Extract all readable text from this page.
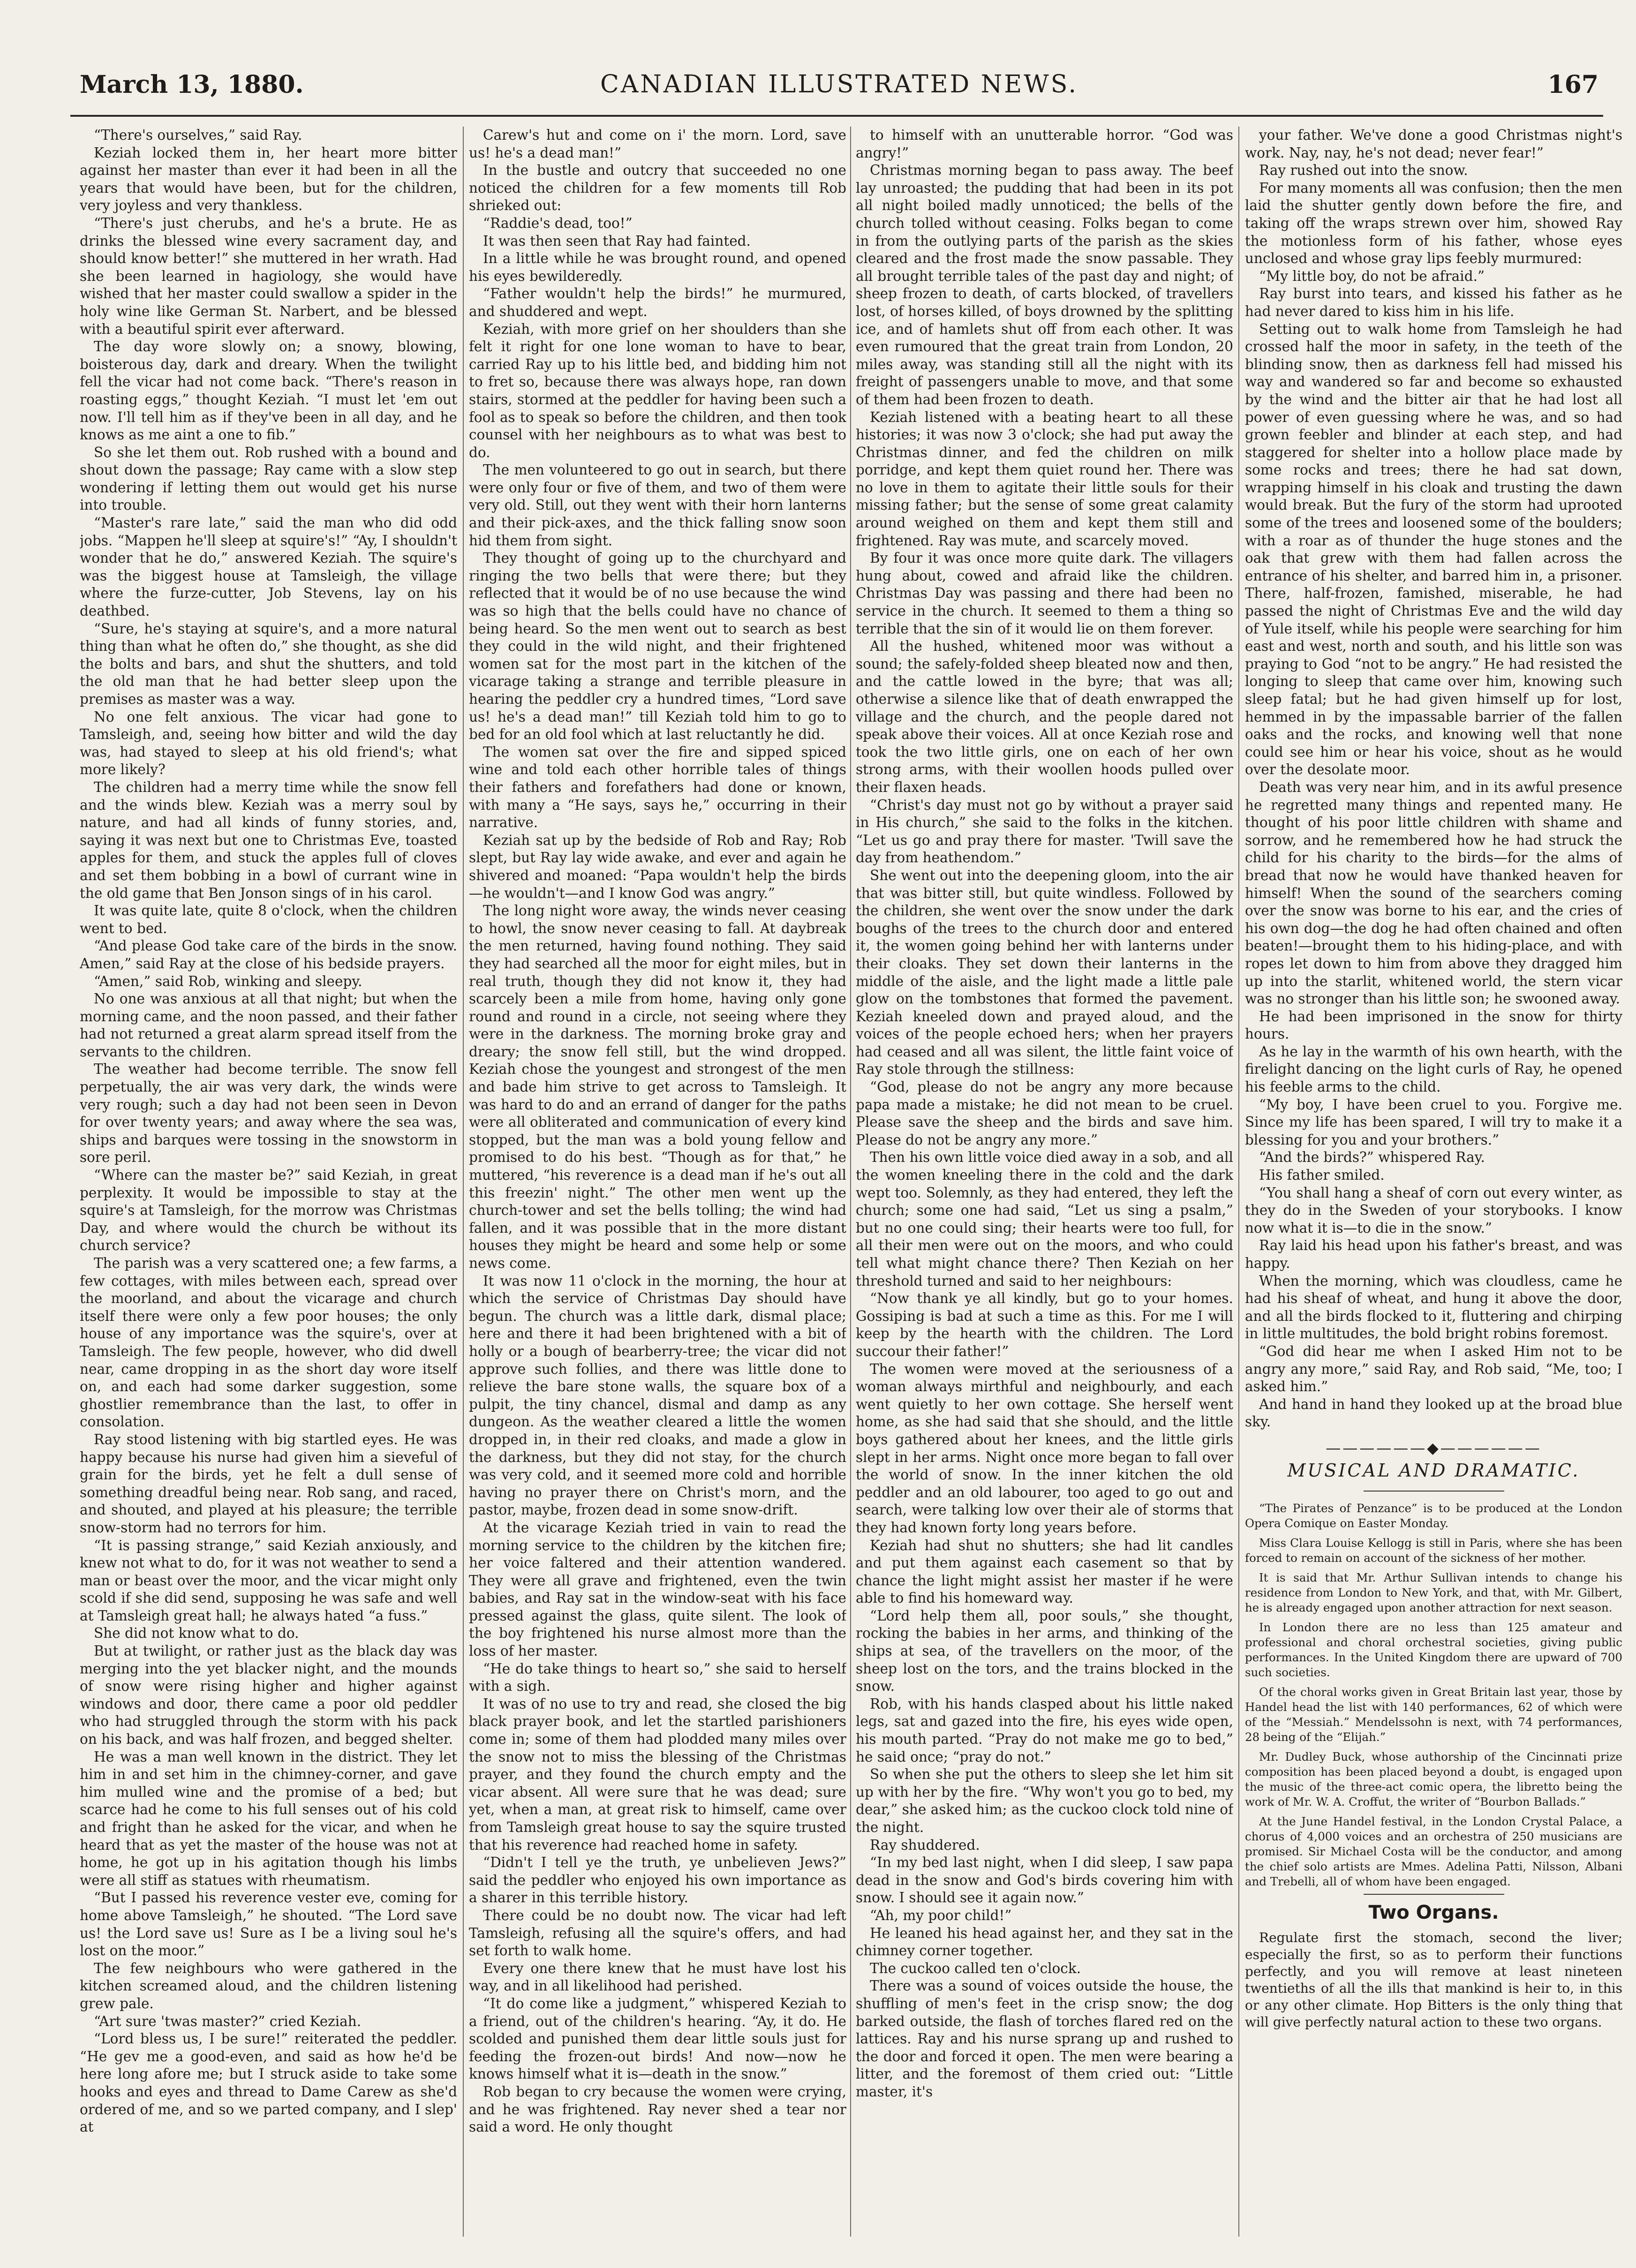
March 13, 1880.	CANADIAN ILLUSTRATED NEWS.	167

“There's ourselves,” said Ray.

Keziah locked them in, her heart more bitter against her master than ever it had been in all the years that would have been, but for the children, very joyless and very thankless.

“There's just cherubs, and he's a brute. He as drinks the blessed wine every sacrament day, and should know better!” she muttered in her wrath. Had she been learned in hagiology, she would have wished that her master could swallow a spider in the holy wine like German St. Narbert, and be blessed with a beautiful spirit ever afterward.

The day wore slowly on; a snowy, blowing, boisterous day, dark and dreary. When the twilight fell the vicar had not come back. “There's reason in roasting eggs,” thought Keziah. “I must let 'em out now. I'll tell him as if they've been in all day, and he knows as me aint a one to fib.”

So she let them out. Rob rushed with a bound and shout down the passage; Ray came with a slow step wondering if letting them out would get his nurse into trouble.

“Master's rare late,” said the man who did odd jobs. “Mappen he'll sleep at squire's!” “Ay, I shouldn't wonder that he do,” answered Keziah. The squire's was the biggest house at Tamsleigh, the village where the furze-cutter, Job Stevens, lay on his deathbed.

“Sure, he's staying at squire's, and a more natural thing than what he often do,” she thought, as she did the bolts and bars, and shut the shutters, and told the old man that he had better sleep upon the premises as master was a way.

No one felt anxious. The vicar had gone to Tamsleigh, and, seeing how bitter and wild the day was, had stayed to sleep at his old friend's; what more likely?

The children had a merry time while the snow fell and the winds blew. Keziah was a merry soul by nature, and had all kinds of funny stories, and, saying it was next but one to Christmas Eve, toasted apples for them, and stuck the apples full of cloves and set them bobbing in a bowl of currant wine in the old game that Ben Jonson sings of in his carol.

It was quite late, quite 8 o'clock, when the children went to bed.

“And please God take care of the birds in the snow. Amen,” said Ray at the close of his bedside prayers.

“Amen,” said Rob, winking and sleepy.

No one was anxious at all that night; but when the morning came, and the noon passed, and their father had not returned a great alarm spread itself from the servants to the children.

The weather had become terrible. The snow fell perpetually, the air was very dark, the winds were very rough; such a day had not been seen in Devon for over twenty years; and away where the sea was, ships and barques were tossing in the snowstorm in sore peril.

“Where can the master be?” said Keziah, in great perplexity. It would be impossible to stay at the squire's at Tamsleigh, for the morrow was Christmas Day, and where would the church be without its church service?

The parish was a very scattered one; a few farms, a few cottages, with miles between each, spread over the moorland, and about the vicarage and church itself there were only a few poor houses; the only house of any importance was the squire's, over at Tamsleigh. The few people, however, who did dwell near, came dropping in as the short day wore itself on, and each had some darker suggestion, some ghostlier remembrance than the last, to offer in consolation.

Ray stood listening with big startled eyes. He was happy because his nurse had given him a sieveful of grain for the birds, yet he felt a dull sense of something dreadful being near. Rob sang, and raced, and shouted, and played at his pleasure; the terrible snow-storm had no terrors for him.

“It is passing strange,” said Keziah anxiously, and knew not what to do, for it was not weather to send a man or beast over the moor, and the vicar might only scold if she did send, supposing he was safe and well at Tamsleigh great hall; he always hated “a fuss.”

She did not know what to do.

But at twilight, or rather just as the black day was merging into the yet blacker night, and the mounds of snow were rising higher and higher against windows and door, there came a poor old peddler who had struggled through the storm with his pack on his back, and was half frozen, and begged shelter.

He was a man well known in the district. They let him in and set him in the chimney-corner, and gave him mulled wine and the promise of a bed; but scarce had he come to his full senses out of his cold and fright than he asked for the vicar, and when he heard that as yet the master of the house was not at home, he got up in his agitation though his limbs were all stiff as statues with rheumatism.

“But I passed his reverence vester eve, coming for home above Tamsleigh,” he shouted. “The Lord save us! the Lord save us! Sure as I be a living soul he's lost on the moor.”

The few neighbours who were gathered in the kitchen screamed aloud, and the children listening grew pale.

“Art sure 'twas master?” cried Keziah.

“Lord bless us, I be sure!” reiterated the peddler. “He gev me a good-even, and said as how he'd be here long afore me; but I struck aside to take some hooks and eyes and thread to Dame Carew as she'd ordered of me, and so we parted company, and I slep' at

Carew's hut and come on i' the morn. Lord, save us! he's a dead man!”

In the bustle and outcry that succeeded no one noticed the children for a few moments till Rob shrieked out:

“Raddie's dead, too!”

It was then seen that Ray had fainted.

In a little while he was brought round, and opened his eyes bewilderedly.

“Father wouldn't help the birds!” he murmured, and shuddered and wept.

Keziah, with more grief on her shoulders than she felt it right for one lone woman to have to bear, carried Ray up to his little bed, and bidding him not to fret so, because there was always hope, ran down stairs, stormed at the peddler for having been such a fool as to speak so before the children, and then took counsel with her neighbours as to what was best to do.

The men volunteered to go out in search, but there were only four or five of them, and two of them were very old. Still, out they went with their horn lanterns and their pick-axes, and the thick falling snow soon hid them from sight.

They thought of going up to the churchyard and ringing the two bells that were there; but they reflected that it would be of no use because the wind was so high that the bells could have no chance of being heard. So the men went out to search as best they could in the wild night, and their frightened women sat for the most part in the kitchen of the vicarage taking a strange and terrible pleasure in hearing the peddler cry a hundred times, “Lord save us! he's a dead man!” till Keziah told him to go to bed for an old fool which at last reluctantly he did.

The women sat over the fire and sipped spiced wine and told each other horrible tales of things their fathers and forefathers had done or known, with many a “He says, says he,” occurring in their narrative.

Keziah sat up by the bedside of Rob and Ray; Rob slept, but Ray lay wide awake, and ever and again he shivered and moaned: “Papa wouldn't help the birds—he wouldn't—and I know God was angry.”

The long night wore away, the winds never ceasing to howl, the snow never ceasing to fall. At daybreak the men returned, having found nothing. They said they had searched all the moor for eight miles, but in real truth, though they did not know it, they had scarcely been a mile from home, having only gone round and round in a circle, not seeing where they were in the darkness. The morning broke gray and dreary; the snow fell still, but the wind dropped. Keziah chose the youngest and strongest of the men and bade him strive to get across to Tamsleigh. It was hard to do and an errand of danger for the paths were all obliterated and communication of every kind stopped, but the man was a bold young fellow and promised to do his best. “Though as for that,” he muttered, “his reverence is a dead man if he's out all this freezin' night.” The other men went up the church-tower and set the bells tolling; the wind had fallen, and it was possible that in the more distant houses they might be heard and some help or some news come.

It was now 11 o'clock in the morning, the hour at which the service of Christmas Day should have begun. The church was a little dark, dismal place; here and there it had been brightened with a bit of holly or a bough of bearberry-tree; the vicar did not approve such follies, and there was little done to relieve the bare stone walls, the square box of a pulpit, the tiny chancel, dismal and damp as any dungeon. As the weather cleared a little the women dropped in, in their red cloaks, and made a glow in the darkness, but they did not stay, for the church was very cold, and it seemed more cold and horrible having no prayer there on Christ's morn, and the pastor, maybe, frozen dead in some snow-drift.

At the vicarage Keziah tried in vain to read the morning service to the children by the kitchen fire; her voice faltered and their attention wandered. They were all grave and frightened, even the twin babies, and Ray sat in the window-seat with his face pressed against the glass, quite silent. The look of the boy frightened his nurse almost more than the loss of her master.

“He do take things to heart so,” she said to herself with a sigh.

It was of no use to try and read, she closed the big black prayer book, and let the startled parishioners come in; some of them had plodded many miles over the snow not to miss the blessing of the Christmas prayer, and they found the church empty and the vicar absent. All were sure that he was dead; sure yet, when a man, at great risk to himself, came over from Tamsleigh great house to say the squire trusted that his reverence had reached home in safety.

“Didn't I tell ye the truth, ye unbelieven Jews?” said the peddler who enjoyed his own importance as a sharer in this terrible history.

There could be no doubt now. The vicar had left Tamsleigh, refusing all the squire's offers, and had set forth to walk home.

Every one there knew that he must have lost his way, and in all likelihood had perished.

“It do come like a judgment,” whispered Keziah to a friend, out of the children's hearing. “Ay, it do. He scolded and punished them dear little souls just for feeding the frozen-out birds! And now—now he knows himself what it is—death in the snow.”

Rob began to cry because the women were crying, and he was frightened. Ray never shed a tear nor said a word. He only thought

to himself with an unutterable horror. “God was angry!”

Christmas morning began to pass away. The beef lay unroasted; the pudding that had been in its pot all night boiled madly unnoticed; the bells of the church tolled without ceasing. Folks began to come in from the outlying parts of the parish as the skies cleared and the frost made the snow passable. They all brought terrible tales of the past day and night; of sheep frozen to death, of carts blocked, of travellers lost, of horses killed, of boys drowned by the splitting ice, and of hamlets shut off from each other. It was even rumoured that the great train from London, 20 miles away, was standing still all the night with its freight of passengers unable to move, and that some of them had been frozen to death.

Keziah listened with a beating heart to all these histories; it was now 3 o'clock; she had put away the Christmas dinner, and fed the children on milk porridge, and kept them quiet round her. There was no love in them to agitate their little souls for their missing father; but the sense of some great calamity around weighed on them and kept them still and frightened. Ray was mute, and scarcely moved.

By four it was once more quite dark. The villagers hung about, cowed and afraid like the children. Christmas Day was passing and there had been no service in the church. It seemed to them a thing so terrible that the sin of it would lie on them forever.

All the hushed, whitened moor was without a sound; the safely-folded sheep bleated now and then, and the cattle lowed in the byre; that was all; otherwise a silence like that of death enwrapped the village and the church, and the people dared not speak above their voices. All at once Keziah rose and took the two little girls, one on each of her own strong arms, with their woollen hoods pulled over their flaxen heads.

“Christ's day must not go by without a prayer said in His church,” she said to the folks in the kitchen. “Let us go and pray there for master. 'Twill save the day from heathendom.”

She went out into the deepening gloom, into the air that was bitter still, but quite windless. Followed by the children, she went over the snow under the dark boughs of the trees to the church door and entered it, the women going behind her with lanterns under their cloaks. They set down their lanterns in the middle of the aisle, and the light made a little pale glow on the tombstones that formed the pavement. Keziah kneeled down and prayed aloud, and the voices of the people echoed hers; when her prayers had ceased and all was silent, the little faint voice of Ray stole through the stillness:

“God, please do not be angry any more because papa made a mistake; he did not mean to be cruel. Please save the sheep and the birds and save him. Please do not be angry any more.”

Then his own little voice died away in a sob, and all the women kneeling there in the cold and the dark wept too. Solemnly, as they had entered, they left the church; some one had said, “Let us sing a psalm,” but no one could sing; their hearts were too full, for all their men were out on the moors, and who could tell what might chance there? Then Keziah on her threshold turned and said to her neighbours:

“Now thank ye all kindly, but go to your homes. Gossiping is bad at such a time as this. For me I will keep by the hearth with the children. The Lord succour their father!”

The women were moved at the seriousness of a woman always mirthful and neighbourly, and each went quietly to her own cottage. She herself went home, as she had said that she should, and the little boys gathered about her knees, and the little girls slept in her arms. Night once more began to fall over the world of snow. In the inner kitchen the old peddler and an old labourer, too aged to go out and search, were talking low over their ale of storms that they had known forty long years before.

Keziah had shut no shutters; she had lit candles and put them against each casement so that by chance the light might assist her master if he were able to find his homeward way.

“Lord help them all, poor souls,” she thought, rocking the babies in her arms, and thinking of the ships at sea, of the travellers on the moor, of the sheep lost on the tors, and the trains blocked in the snow.

Rob, with his hands clasped about his little naked legs, sat and gazed into the fire, his eyes wide open, his mouth parted. “Pray do not make me go to bed,” he said once; “pray do not.”

So when she put the others to sleep she let him sit up with her by the fire. “Why won't you go to bed, my dear,” she asked him; as the cuckoo clock told nine of the night.

Ray shuddered.

“In my bed last night, when I did sleep, I saw papa dead in the snow and God's birds covering him with snow. I should see it again now.”

“Ah, my poor child!”

He leaned his head against her, and they sat in the chimney corner together.

The cuckoo called ten o'clock.

There was a sound of voices outside the house, the shuffling of men's feet in the crisp snow; the dog barked outside, the flash of torches flared red on the lattices. Ray and his nurse sprang up and rushed to the door and forced it open. The men were bearing a litter, and the foremost of them cried out: “Little master, it's

your father. We've done a good Christmas night's work. Nay, nay, he's not dead; never fear!”

Ray rushed out into the snow.

For many moments all was confusion; then the men laid the shutter gently down before the fire, and taking off the wraps strewn over him, showed Ray the motionless form of his father, whose eyes unclosed and whose gray lips feebly murmured:

“My little boy, do not be afraid.”

Ray burst into tears, and kissed his father as he had never dared to kiss him in his life.

Setting out to walk home from Tamsleigh he had crossed half the moor in safety, in the teeth of the blinding snow, then as darkness fell had missed his way and wandered so far and become so exhausted by the wind and the bitter air that he had lost all power of even guessing where he was, and so had grown feebler and blinder at each step, and had staggered for shelter into a hollow place made by some rocks and trees; there he had sat down, wrapping himself in his cloak and trusting the dawn would break. But the fury of the storm had uprooted some of the trees and loosened some of the boulders; with a roar as of thunder the huge stones and the oak that grew with them had fallen across the entrance of his shelter, and barred him in, a prisoner. There, half-frozen, famished, miserable, he had passed the night of Christmas Eve and the wild day of Yule itself, while his people were searching for him east and west, north and south, and his little son was praying to God “not to be angry.” He had resisted the longing to sleep that came over him, knowing such sleep fatal; but he had given himself up for lost, hemmed in by the impassable barrier of the fallen oaks and the rocks, and knowing well that none could see him or hear his voice, shout as he would over the desolate moor.

Death was very near him, and in its awful presence he regretted many things and repented many. He thought of his poor little children with shame and sorrow, and he remembered how he had struck the child for his charity to the birds—for the alms of bread that now he would have thanked heaven for himself! When the sound of the searchers coming over the snow was borne to his ear, and the cries of his own dog—the dog he had often chained and often beaten!—brought them to his hiding-place, and with ropes let down to him from above they dragged him up into the starlit, whitened world, the stern vicar was no stronger than his little son; he swooned away.

He had been imprisoned in the snow for thirty hours.

As he lay in the warmth of his own hearth, with the firelight dancing on the light curls of Ray, he opened his feeble arms to the child.

“My boy, I have been cruel to you. Forgive me. Since my life has been spared, I will try to make it a blessing for you and your brothers.”

“And the birds?” whispered Ray.

His father smiled.

“You shall hang a sheaf of corn out every winter, as they do in the Sweden of your storybooks. I know now what it is—to die in the snow.”

Ray laid his head upon his father's breast, and was happy.

When the morning, which was cloudless, came he had his sheaf of wheat, and hung it above the door, and all the birds flocked to it, fluttering and chirping in little multitudes, the bold bright robins foremost.

“God did hear me when I asked Him not to be angry any more,” said Ray, and Rob said, “Me, too; I asked him.”

And hand in hand they looked up at the broad blue sky.

——————◆——————
MUSICAL AND DRAMATIC.

“The Pirates of Penzance” is to be produced at the London Opera Comique on Easter Monday.

Miss Clara Louise Kellogg is still in Paris, where she has been forced to remain on account of the sickness of her mother.

It is said that Mr. Arthur Sullivan intends to change his residence from London to New York, and that, with Mr. Gilbert, he is already engaged upon another attraction for next season.

In London there are no less than 125 amateur and professional and choral orchestral societies, giving public performances. In the United Kingdom there are upward of 700 such societies.

Of the choral works given in Great Britain last year, those by Handel head the list with 140 performances, 62 of which were of the “Messiah.” Mendelssohn is next, with 74 performances, 28 being of the “Elijah.”

Mr. Dudley Buck, whose authorship of the Cincinnati prize composition has been placed beyond a doubt, is engaged upon the music of the three-act comic opera, the libretto being the work of Mr. W. A. Croffut, the writer of “Bourbon Ballads.”

At the June Handel festival, in the London Crystal Palace, a chorus of 4,000 voices and an orchestra of 250 musicians are promised. Sir Michael Costa will be the conductor, and among the chief solo artists are Mmes. Adelina Patti, Nilsson, Albani and Trebelli, all of whom have been engaged.

Two Organs.

Regulate first the stomach, second the liver; especially the first, so as to perform their functions perfectly, and you will remove at least nineteen twentieths of all the ills that mankind is heir to, in this or any other climate. Hop Bitters is the only thing that will give perfectly natural action to these two organs.
